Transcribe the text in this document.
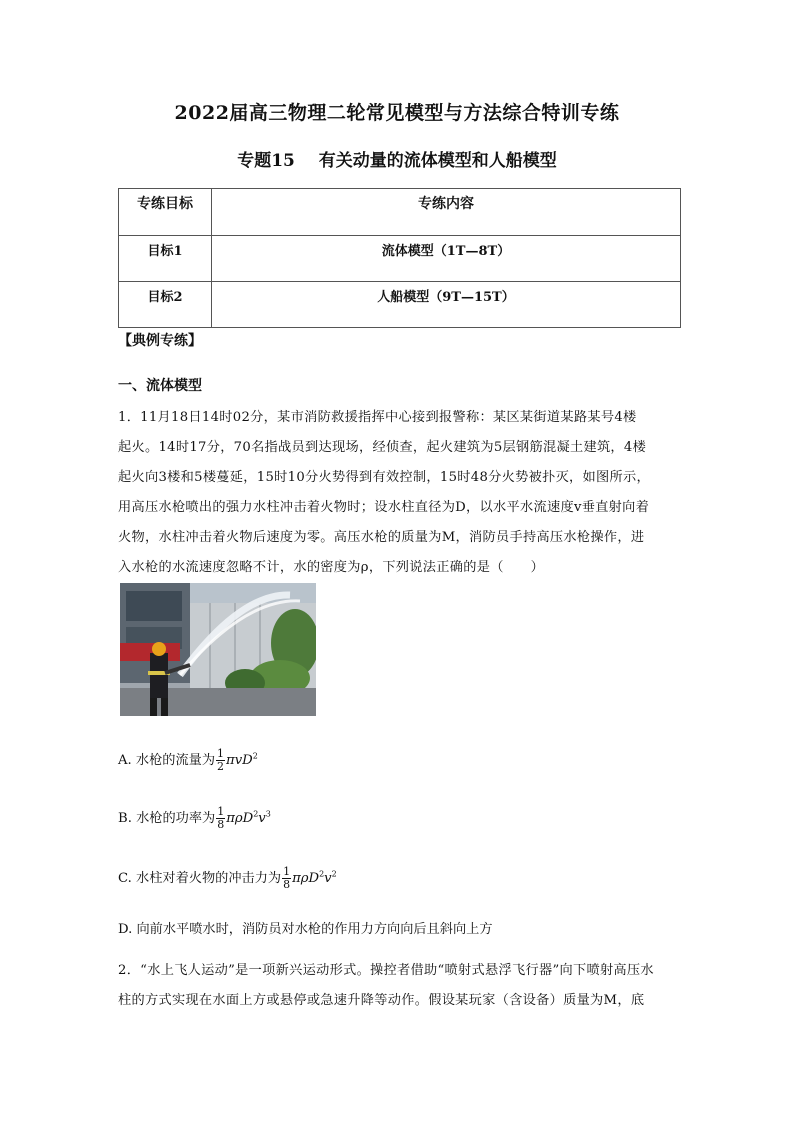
2022届高三物理二轮常见模型与方法综合特训专练
专题15 有关动量的流体模型和人船模型
专练目标	专练内容
目标1	流体模型（1T—8T）
目标2	人船模型（9T—15T）
【典例专练】
一、流体模型
1．11月18日14时02分，某市消防救援指挥中心接到报警称：某区某街道某路某号4楼
起火。14时17分，70名指战员到达现场，经侦查，起火建筑为5层钢筋混凝土建筑，4楼
起火向3楼和5楼蔓延，15时10分火势得到有效控制，15时48分火势被扑灭，如图所示，
用高压水枪喷出的强力水柱冲击着火物时；设水柱直径为D，以水平水流速度v垂直射向着
火物，水柱冲击着火物后速度为零。高压水枪的质量为M，消防员手持高压水枪操作，进
入水枪的水流速度忽略不计，水的密度为ρ，下列说法正确的是（　　）
A. 水枪的流量为 $\frac{1}{2} \pi vD^2$
B. 水枪的功率为 $\frac{1}{8} \pi\rho D^2v^3$
C. 水柱对着火物的冲击力为 $\frac{1}{8} \pi\rho D^2v^2$
D. 向前水平喷水时，消防员对水枪的作用力方向向后且斜向上方
2．“水上飞人运动”是一项新兴运动形式。操控者借助“喷射式悬浮飞行器”向下喷射高压水
柱的方式实现在水面上方或悬停或急速升降等动作。假设某玩家（含设备）质量为M，底
